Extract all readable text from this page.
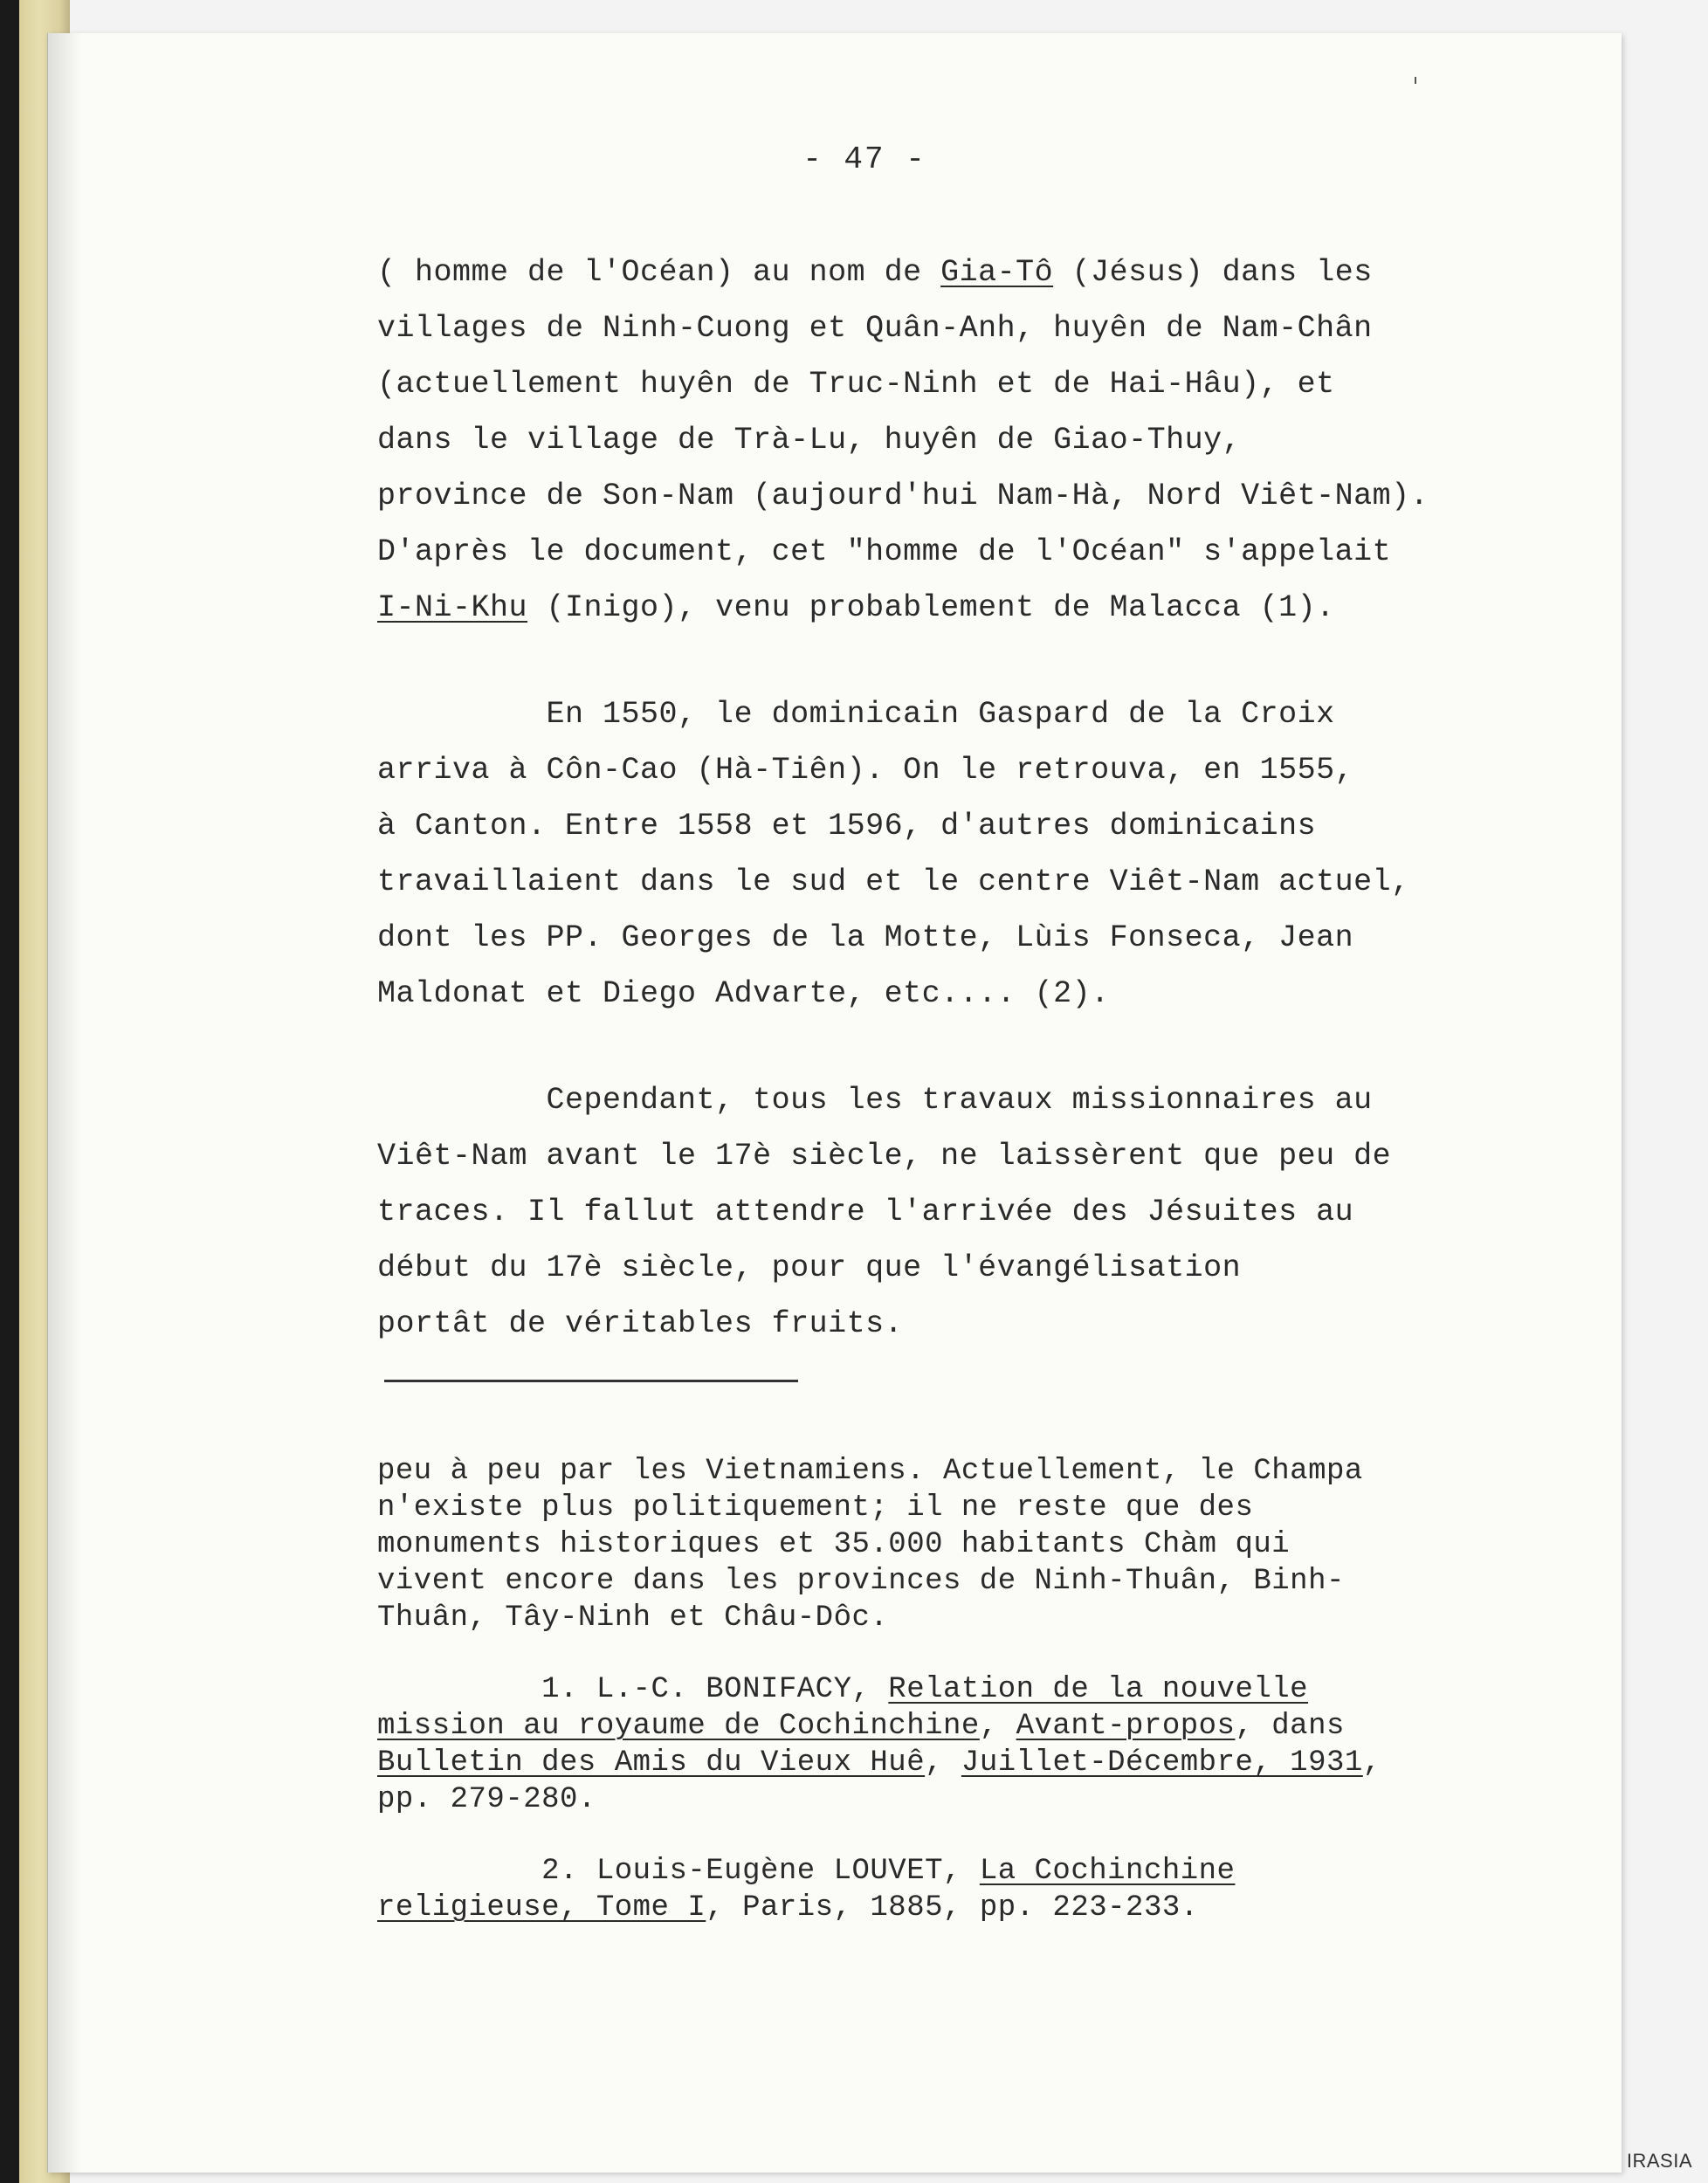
- 47 -
( homme de l'Océan) au nom de Gia-Tô (Jésus) dans les
villages de Ninh-Cuong et Quân-Anh, huyên de Nam-Chân
(actuellement huyên de Truc-Ninh et de Hai-Hâu), et
dans le village de Trà-Lu, huyên de Giao-Thuy,
province de Son-Nam (aujourd'hui Nam-Hà, Nord Viêt-Nam).
D'après le document, cet "homme de l'Océan" s'appelait
I-Ni-Khu (Inigo), venu probablement de Malacca (1).
En 1550, le dominicain Gaspard de la Croix
arriva à Côn-Cao (Hà-Tiên). On le retrouva, en 1555,
à Canton. Entre 1558 et 1596, d'autres dominicains
travaillaient dans le sud et le centre Viêt-Nam actuel,
dont les PP. Georges de la Motte, Lùis Fonseca, Jean
Maldonat et Diego Advarte, etc.... (2).
Cependant, tous les travaux missionnaires au
Viêt-Nam avant le 17è siècle, ne laissèrent que peu de
traces. Il fallut attendre l'arrivée des Jésuites au
début du 17è siècle, pour que l'évangélisation
portât de véritables fruits.
peu à peu par les Vietnamiens. Actuellement, le Champa
n'existe plus politiquement; il ne reste que des
monuments historiques et 35.000 habitants Chàm qui
vivent encore dans les provinces de Ninh-Thuân, Binh-
Thuân, Tây-Ninh et Châu-Dôc.
1. L.-C. BONIFACY, Relation de la nouvelle
mission au royaume de Cochinchine, Avant-propos, dans
Bulletin des Amis du Vieux Huê, Juillet-Décembre, 1931,
pp. 279-280.
2. Louis-Eugène LOUVET, La Cochinchine
religieuse, Tome I, Paris, 1885, pp. 223-233.
IRASIA
